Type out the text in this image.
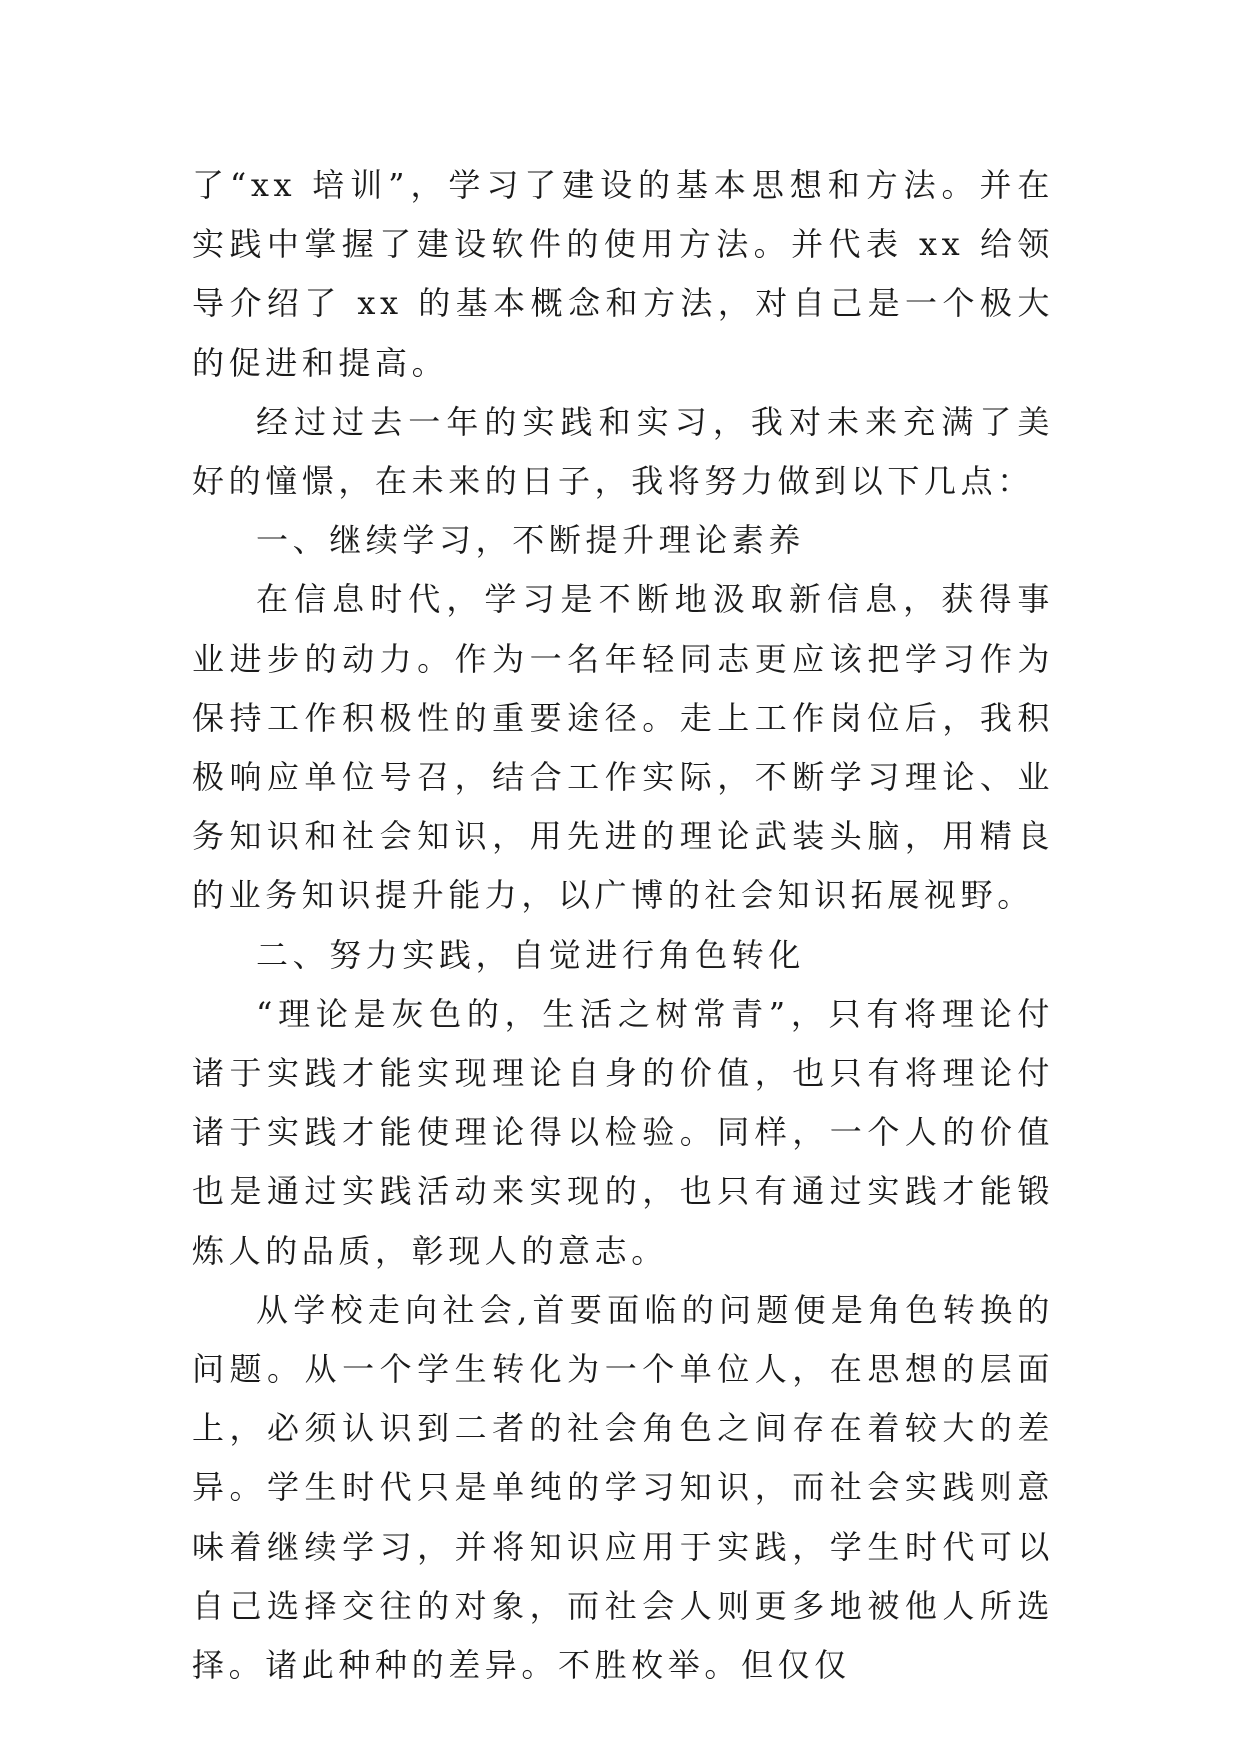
了“xx 培训”，学习了建设的基本思想和方法。并在实践中掌握了建设软件的使用方法。并代表 xx 给领导介绍了 xx 的基本概念和方法，对自己是一个极大的促进和提高。

经过过去一年的实践和实习，我对未来充满了美好的憧憬，在未来的日子，我将努力做到以下几点：

一、继续学习，不断提升理论素养

在信息时代，学习是不断地汲取新信息，获得事业进步的动力。作为一名年轻同志更应该把学习作为保持工作积极性的重要途径。走上工作岗位后，我积极响应单位号召，结合工作实际，不断学习理论、业务知识和社会知识，用先进的理论武装头脑，用精良的业务知识提升能力，以广博的社会知识拓展视野。

二、努力实践，自觉进行角色转化

“理论是灰色的，生活之树常青”，只有将理论付诸于实践才能实现理论自身的价值，也只有将理论付诸于实践才能使理论得以检验。同样，一个人的价值也是通过实践活动来实现的，也只有通过实践才能锻炼人的品质，彰现人的意志。

从学校走向社会,首要面临的问题便是角色转换的问题。从一个学生转化为一个单位人，在思想的层面上，必须认识到二者的社会角色之间存在着较大的差异。学生时代只是单纯的学习知识，而社会实践则意味着继续学习，并将知识应用于实践，学生时代可以自己选择交往的对象，而社会人则更多地被他人所选择。诸此种种的差异。不胜枚举。但仅仅
